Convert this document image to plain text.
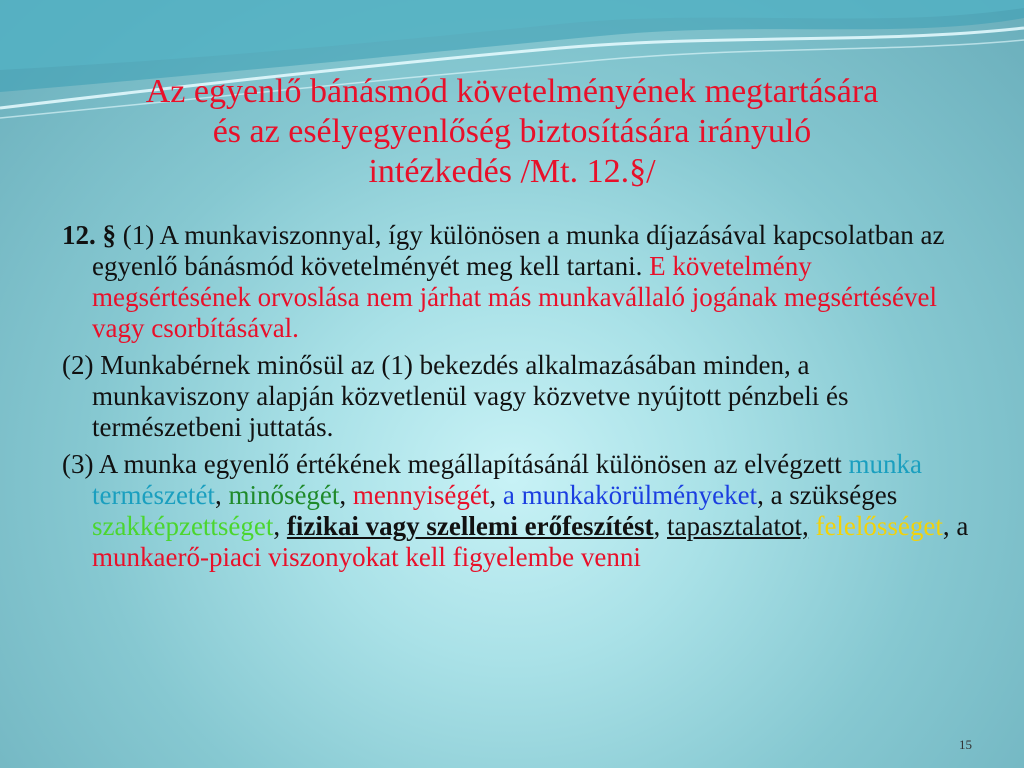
Az egyenlő bánásmód követelményének megtartására
és az esélyegyenlőség biztosítására irányuló
intézkedés /Mt. 12.§/

12. § (1) A munkaviszonnyal, így különösen a munka díjazásával kapcsolatban az egyenlő bánásmód követelményét meg kell tartani. E követelmény megsértésének orvoslása nem járhat más munkavállaló jogának megsértésével vagy csorbításával.

(2) Munkabérnek minősül az (1) bekezdés alkalmazásában minden, a munkaviszony alapján közvetlenül vagy közvetve nyújtott pénzbeli és természetbeni juttatás.

(3) A munka egyenlő értékének megállapításánál különösen az elvégzett munka természetét, minőségét, mennyiségét, a munkakörülményeket, a szükséges szakképzettséget, fizikai vagy szellemi erőfeszítést, tapasztalatot, felelősséget, a munkaerő-piaci viszonyokat kell figyelembe venni

15
